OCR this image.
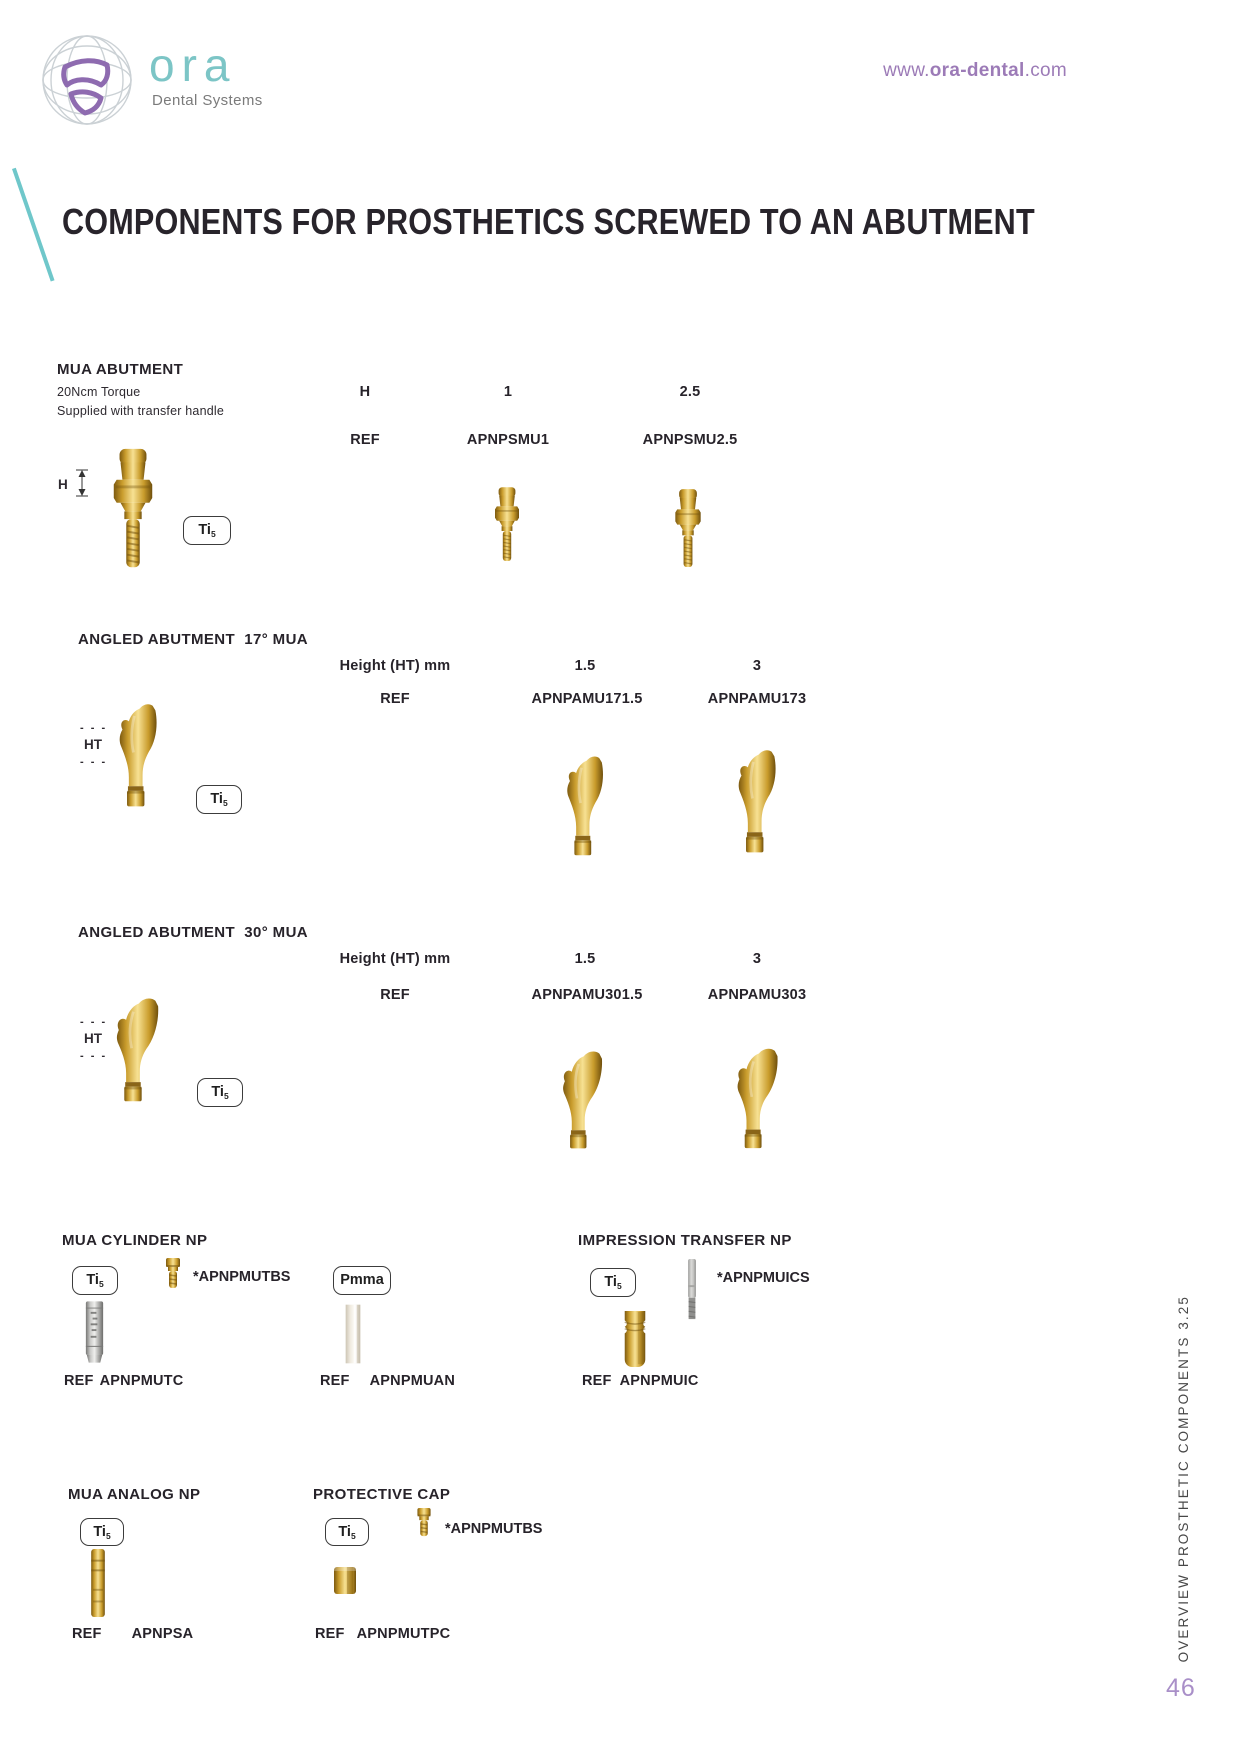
ora
Dental Systems
www.ora-dental.com
COMPONENTS FOR PROSTHETICS SCREWED TO AN ABUTMENT
MUA ABUTMENT
20Ncm Torque
Supplied with transfer handle
H	1	2.5
REF	APNPSMU1	APNPSMU2.5
H
Ti 5
ANGLED ABUTMENT  17° MUA
Height (HT) mm	1.5	3
REF	APNPAMU171.5	APNPAMU173
- - -
HT
- - -
Ti 5
ANGLED ABUTMENT  30° MUA
Height (HT) mm	1.5	3
REF	APNPAMU301.5	APNPAMU303
- - -
HT
- - -
Ti 5
MUA CYLINDER NP
Ti 5	*APNPMUTBS
REF APNPMUTC
Pmma
REF APNPMUAN
IMPRESSION TRANSFER NP
Ti 5
*APNPMUICS
REF APNPMUIC
MUA ANALOG NP
Ti 5
REF APNPSA
PROTECTIVE CAP
Ti 5	*APNPMUTBS
REF APNPMUTPC	OVERVIEW PROSTHETIC COMPONENTS 3.25
46
